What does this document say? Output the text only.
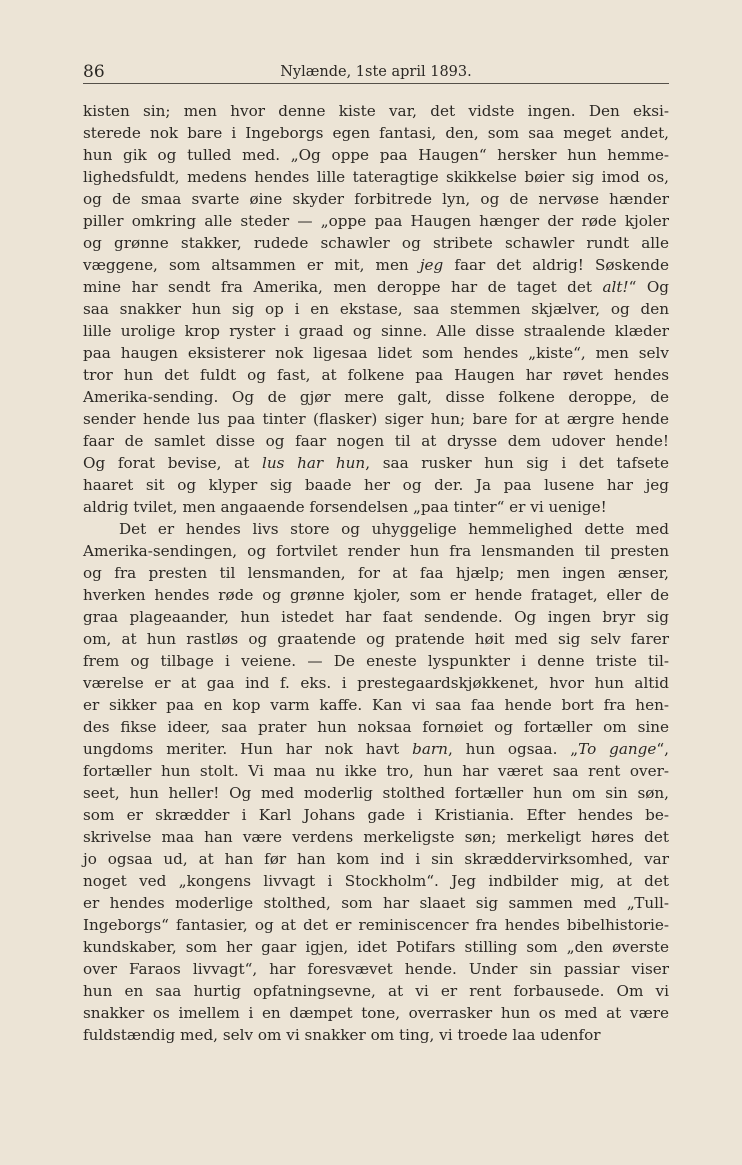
86	Nylænde, 1ste april 1893.
kisten sin; men hvor denne kiste var, det vidste ingen. Den eksi-
sterede nok bare i Ingeborgs egen fantasi, den, som saa meget andet,
hun gik og tulled med. „Og oppe paa Haugen“ hersker hun hemme-
lighedsfuldt, medens hendes lille tateragtige skikkelse bøier sig imod os,
og de smaa svarte øine skyder forbitrede lyn, og de nervøse hænder
piller omkring alle steder — „oppe paa Haugen hænger der røde kjoler
og grønne stakker, rudede schawler og stribete schawler rundt alle
væggene, som altsammen er mit, men jeg faar det aldrig! Søskende
mine har sendt fra Amerika, men deroppe har de taget det alt!“ Og
saa snakker hun sig op i en ekstase, saa stemmen skjælver, og den
lille urolige krop ryster i graad og sinne. Alle disse straalende klæder
paa haugen eksisterer nok ligesaa lidet som hendes „kiste“, men selv
tror hun det fuldt og fast, at folkene paa Haugen har røvet hendes
Amerika-sending. Og de gjør mere galt, disse folkene deroppe, de
sender hende lus paa tinter (flasker) siger hun; bare for at ærgre hende
faar de samlet disse og faar nogen til at drysse dem udover hende!
Og forat bevise, at lus har hun, saa rusker hun sig i det tafsete
haaret sit og klyper sig baade her og der. Ja paa lusene har jeg
aldrig tvilet, men angaaende forsendelsen „paa tinter“ er vi uenige!
Det er hendes livs store og uhyggelige hemmelighed dette med
Amerika-sendingen, og fortvilet render hun fra lensmanden til presten
og fra presten til lensmanden, for at faa hjælp; men ingen ænser,
hverken hendes røde og grønne kjoler, som er hende frataget, eller de
graa plageaander, hun istedet har faat sendende. Og ingen bryr sig
om, at hun rastløs og graatende og pratende høit med sig selv farer
frem og tilbage i veiene. — De eneste lyspunkter i denne triste til-
værelse er at gaa ind f. eks. i prestegaardskjøkkenet, hvor hun altid
er sikker paa en kop varm kaffe. Kan vi saa faa hende bort fra hen-
des fikse ideer, saa prater hun noksaa fornøiet og fortæller om sine
ungdoms meriter. Hun har nok havt barn, hun ogsaa. „To gange“,
fortæller hun stolt. Vi maa nu ikke tro, hun har været saa rent over-
seet, hun heller! Og med moderlig stolthed fortæller hun om sin søn,
som er skrædder i Karl Johans gade i Kristiania. Efter hendes be-
skrivelse maa han være verdens merkeligste søn; merkeligt høres det
jo ogsaa ud, at han før han kom ind i sin skræddervirksomhed, var
noget ved „kongens livvagt i Stockholm“. Jeg indbilder mig, at det
er hendes moderlige stolthed, som har slaaet sig sammen med „Tull-
Ingeborgs“ fantasier, og at det er reminiscencer fra hendes bibelhistorie-
kundskaber, som her gaar igjen, idet Potifars stilling som „den øverste
over Faraos livvagt“, har foresvævet hende. Under sin passiar viser
hun en saa hurtig opfatningsevne, at vi er rent forbausede. Om vi
snakker os imellem i en dæmpet tone, overrasker hun os med at være
fuldstændig med, selv om vi snakker om ting, vi troede laa udenfor
